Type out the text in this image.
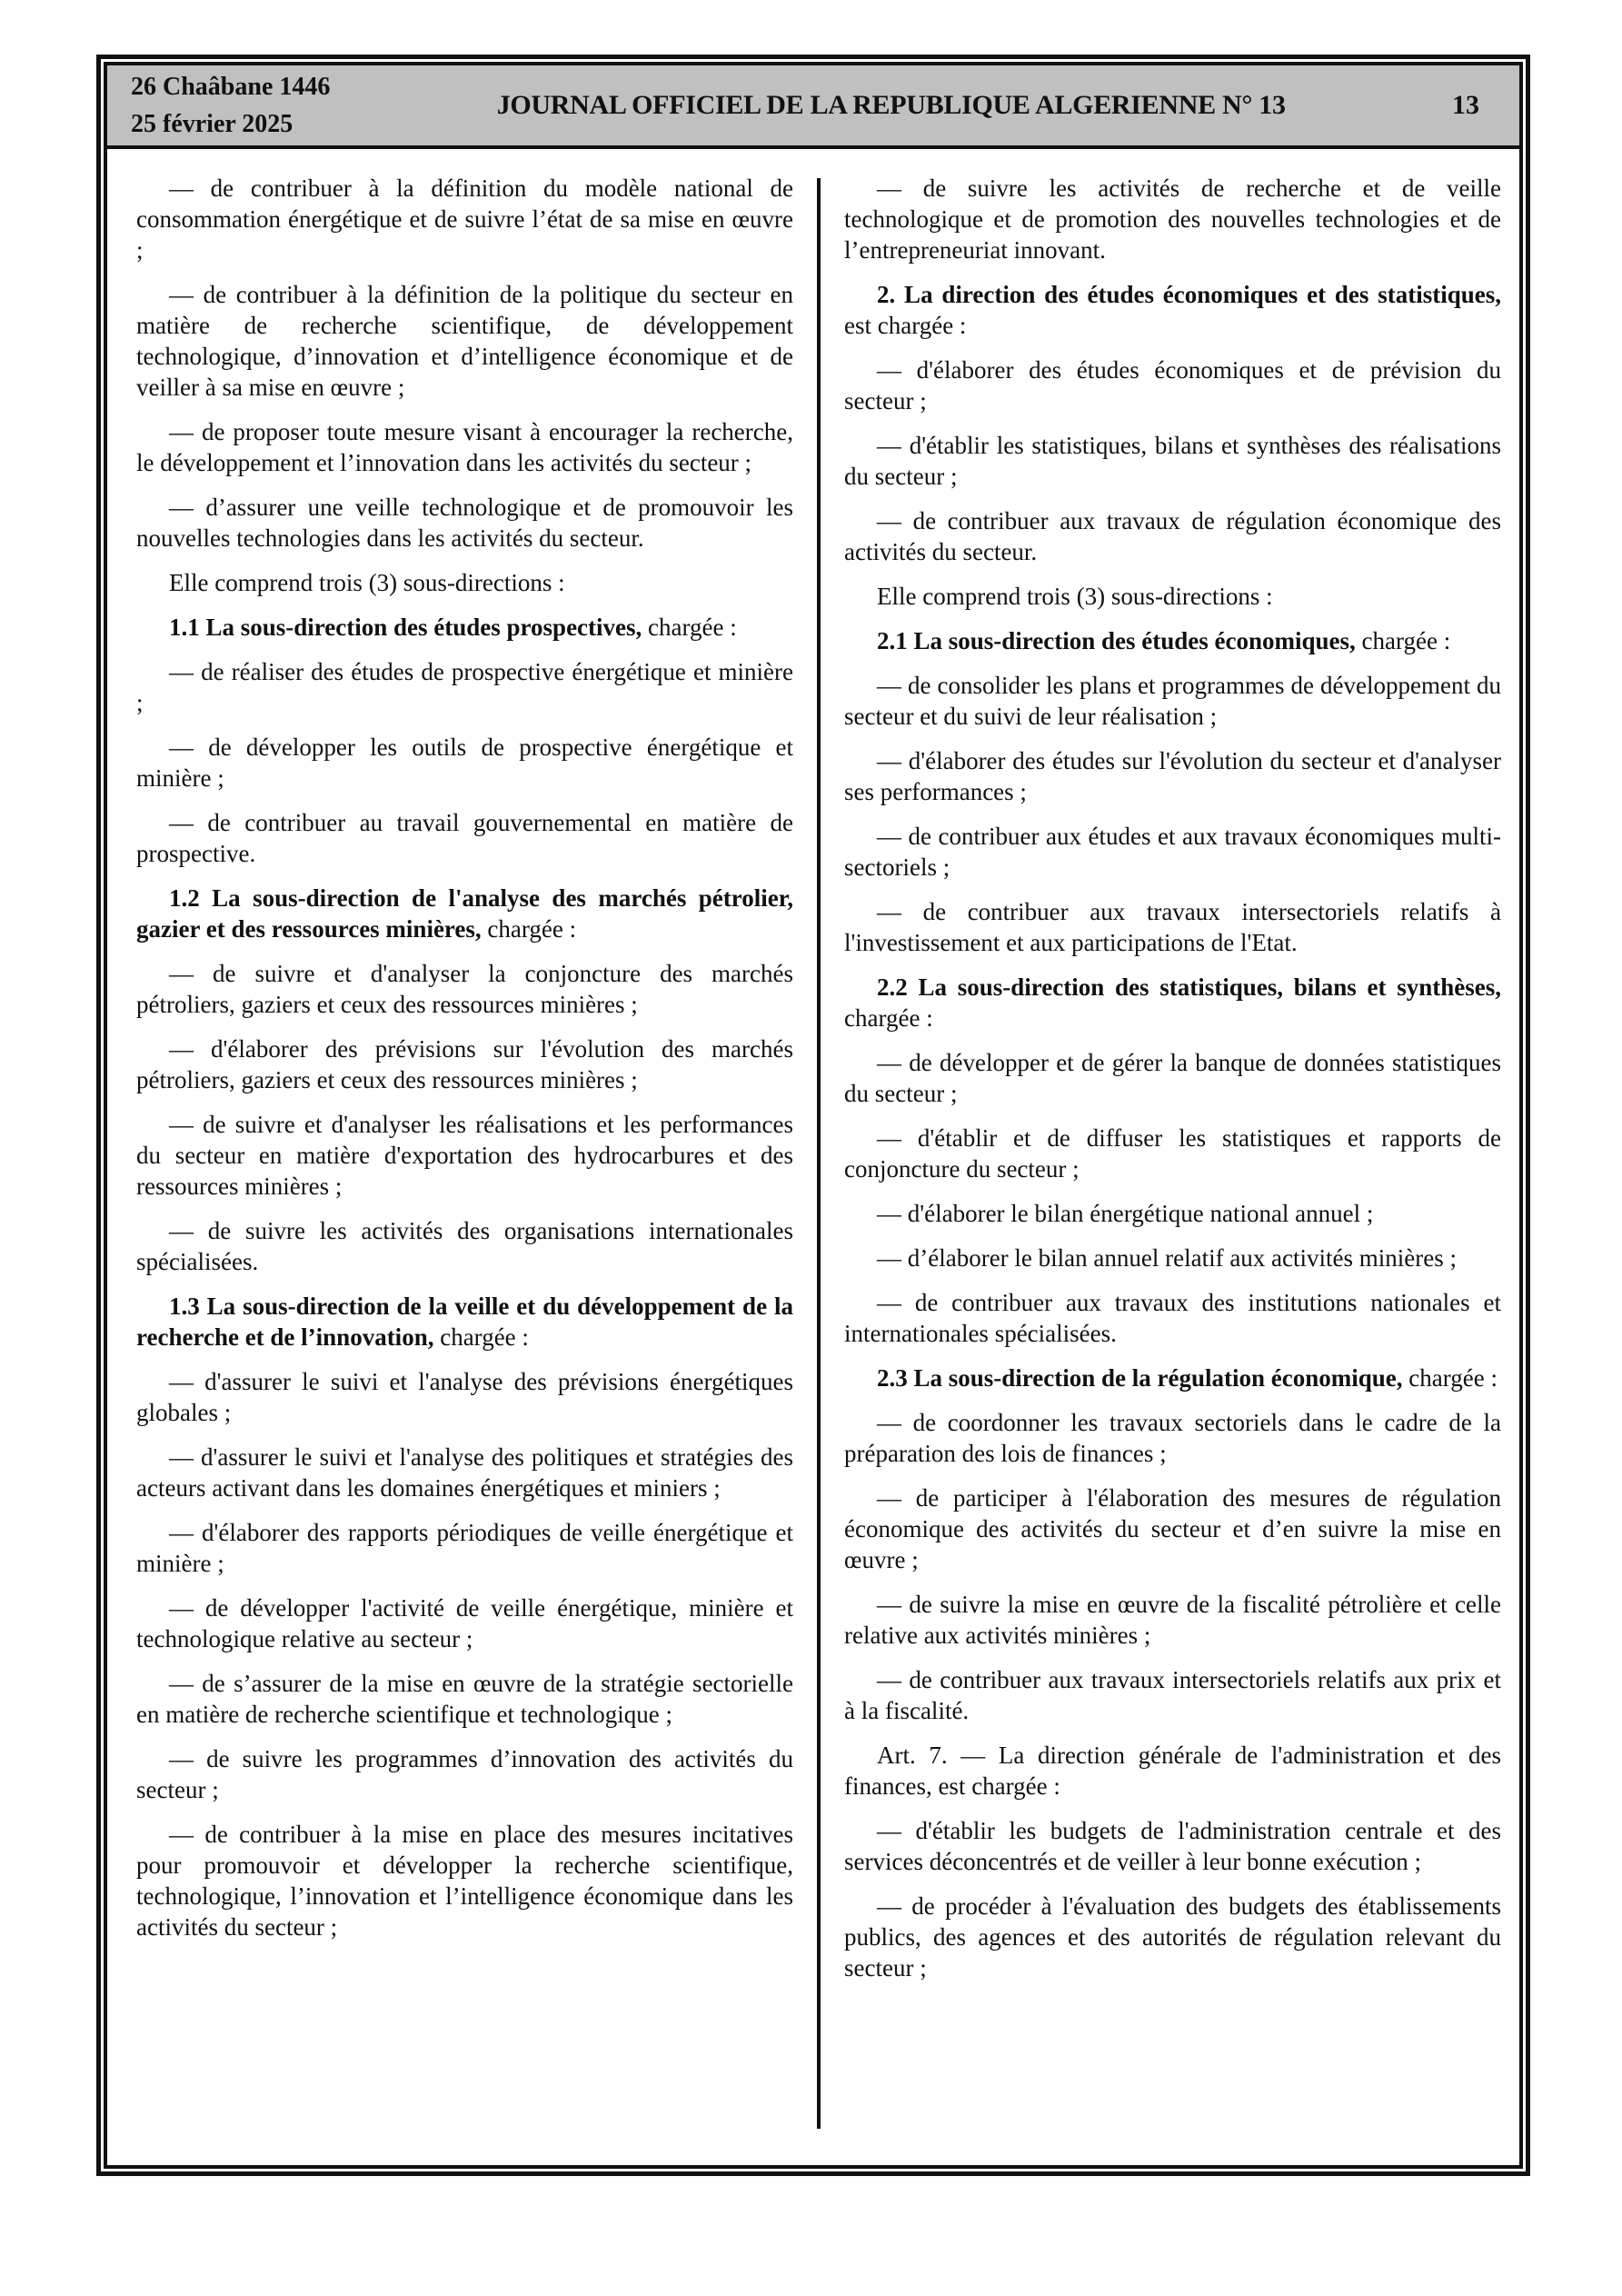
26 Chaâbane 1446
25 février 2025
JOURNAL OFFICIEL DE LA REPUBLIQUE ALGERIENNE N° 13	13

— de contribuer à la définition du modèle national de consommation énergétique et de suivre l’état de sa mise en œuvre ;

— de contribuer à la définition de la politique du secteur en matière de recherche scientifique, de développement technologique, d’innovation et d’intelligence économique et de veiller à sa mise en œuvre ;

— de proposer toute mesure visant à encourager la recherche, le développement et l’innovation dans les activités du secteur ;

— d’assurer une veille technologique et de promouvoir les nouvelles technologies dans les activités du secteur.

Elle comprend trois (3) sous-directions :

1.1 La sous-direction des études prospectives, chargée :

— de réaliser des études de prospective énergétique et minière ;

— de développer les outils de prospective énergétique et minière ;

— de contribuer au travail gouvernemental en matière de prospective.

1.2 La sous-direction de l'analyse des marchés pétrolier, gazier et des ressources minières, chargée :

— de suivre et d'analyser la conjoncture des marchés pétroliers, gaziers et ceux des ressources minières ;

— d'élaborer des prévisions sur l'évolution des marchés pétroliers, gaziers et ceux des ressources minières ;

— de suivre et d'analyser les réalisations et les performances du secteur en matière d'exportation des hydrocarbures et des ressources minières ;

— de suivre les activités des organisations internationales spécialisées.

1.3 La sous-direction de la veille et du développement de la recherche et de l’innovation, chargée :

— d'assurer le suivi et l'analyse des prévisions énergétiques globales ;

— d'assurer le suivi et l'analyse des politiques et stratégies des acteurs activant dans les domaines énergétiques et miniers ;

— d'élaborer des rapports périodiques de veille énergétique et minière ;

— de développer l'activité de veille énergétique, minière et technologique relative au secteur ;

— de s’assurer de la mise en œuvre de la stratégie sectorielle en matière de recherche scientifique et technologique ;

— de suivre les programmes d’innovation des activités du secteur ;

— de contribuer à la mise en place des mesures incitatives pour promouvoir et développer la recherche scientifique, technologique, l’innovation et l’intelligence économique dans les activités du secteur ;

— de suivre les activités de recherche et de veille technologique et de promotion des nouvelles technologies et de l’entrepreneuriat innovant.

2. La direction des études économiques et des statistiques, est chargée :

— d'élaborer des études économiques et de prévision du secteur ;

— d'établir les statistiques, bilans et synthèses des réalisations du secteur ;

— de contribuer aux travaux de régulation économique des activités du secteur.

Elle comprend trois (3) sous-directions :

2.1 La sous-direction des études économiques, chargée :

— de consolider les plans et programmes de développement du secteur et du suivi de leur réalisation ;

— d'élaborer des études sur l'évolution du secteur et d'analyser ses performances ;

— de contribuer aux études et aux travaux économiques multi-sectoriels ;

— de contribuer aux travaux intersectoriels relatifs à l'investissement et aux participations de l'Etat.

2.2 La sous-direction des statistiques, bilans et synthèses, chargée :

— de développer et de gérer la banque de données statistiques du secteur ;

— d'établir et de diffuser les statistiques et rapports de conjoncture du secteur ;

— d'élaborer le bilan énergétique national annuel ;

— d’élaborer le bilan annuel relatif aux activités minières ;

— de contribuer aux travaux des institutions nationales et internationales spécialisées.

2.3 La sous-direction de la régulation économique, chargée :

— de coordonner les travaux sectoriels dans le cadre de la préparation des lois de finances ;

— de participer à l'élaboration des mesures de régulation économique des activités du secteur et d’en suivre la mise en œuvre ;

— de suivre la mise en œuvre de la fiscalité pétrolière et celle relative aux activités minières ;

— de contribuer aux travaux intersectoriels relatifs aux prix et à la fiscalité.

Art. 7. — La direction générale de l'administration et des finances, est chargée :

— d'établir les budgets de l'administration centrale et des services déconcentrés et de veiller à leur bonne exécution ;

— de procéder à l'évaluation des budgets des établissements publics, des agences et des autorités de régulation relevant du secteur ;
